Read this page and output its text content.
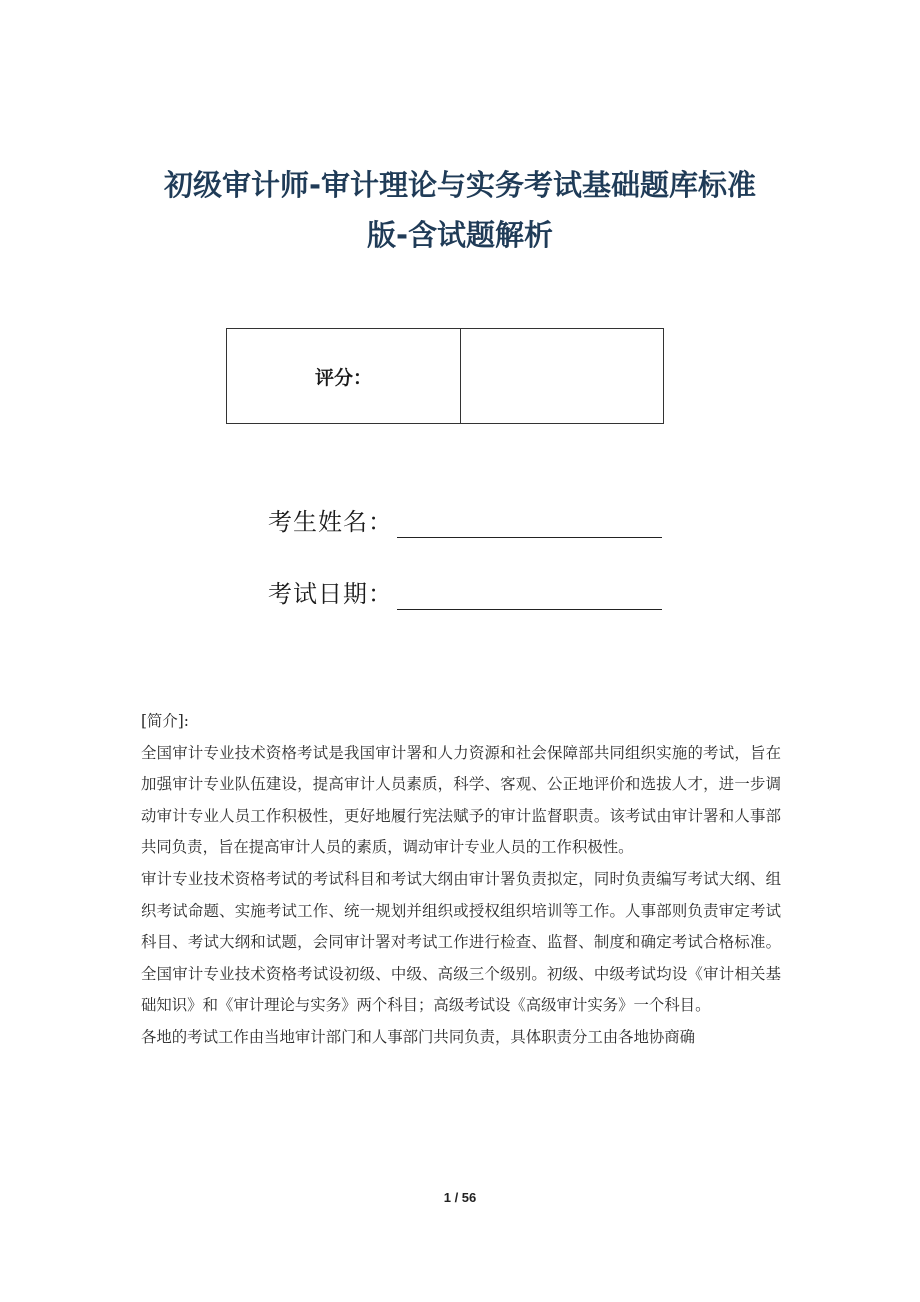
初级审计师-审计理论与实务考试基础题库标准
版-含试题解析
评分：
考生姓名：
考试日期：

[简介]:

全国审计专业技术资格考试是我国审计署和人力资源和社会保障部共同组织实施的考试，旨在加强审计专业队伍建设，提高审计人员素质，科学、客观、公正地评价和选拔人才，进一步调动审计专业人员工作积极性，更好地履行宪法赋予的审计监督职责。该考试由审计署和人事部共同负责，旨在提高审计人员的素质，调动审计专业人员的工作积极性。

审计专业技术资格考试的考试科目和考试大纲由审计署负责拟定，同时负责编写考试大纲、组织考试命题、实施考试工作、统一规划并组织或授权组织培训等工作。人事部则负责审定考试科目、考试大纲和试题，会同审计署对考试工作进行检查、监督、制度和确定考试合格标准。全国审计专业技术资格考试设初级、中级、高级三个级别。初级、中级考试均设《审计相关基础知识》和《审计理论与实务》两个科目；高级考试设《高级审计实务》一个科目。

各地的考试工作由当地审计部门和人事部门共同负责，具体职责分工由各地协商确

1 / 56
